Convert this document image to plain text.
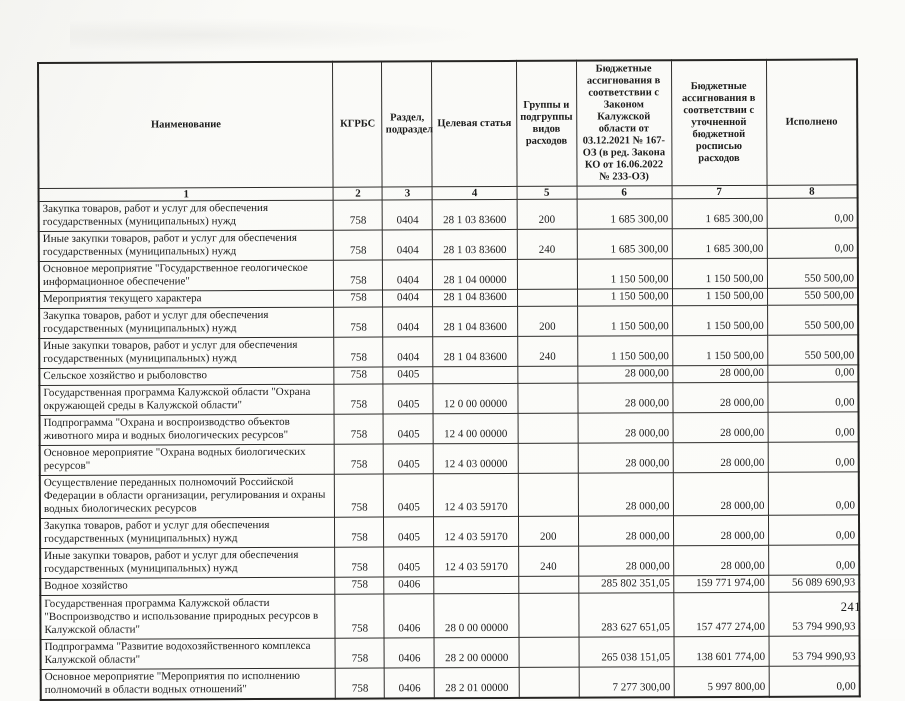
Наименование	КГРБС	Раздел, подраздел	Целевая статья	Группы и подгруппы видов расходов	Бюджетные ассигнования в соответствии с Законом Калужской области от 03.12.2021 № 167-ОЗ (в ред. Закона КО от 16.06.2022 № 233-ОЗ)	Бюджетные ассигнования в соответствии с уточненной бюджетной росписью расходов	Исполнено
1	2	3	4	5	6	7	8
Закупка товаров, работ и услуг для обеспечения государственных (муниципальных) нужд	758	0404	28 1 03 83600	200	1 685 300,00	1 685 300,00	0,00
Иные закупки товаров, работ и услуг для обеспечения государственных (муниципальных) нужд	758	0404	28 1 03 83600	240	1 685 300,00	1 685 300,00	0,00
Основное мероприятие "Государственное геологическое информационное обеспечение"	758	0404	28 1 04 00000		1 150 500,00	1 150 500,00	550 500,00
Мероприятия текущего характера	758	0404	28 1 04 83600		1 150 500,00	1 150 500,00	550 500,00
Закупка товаров, работ и услуг для обеспечения государственных (муниципальных) нужд	758	0404	28 1 04 83600	200	1 150 500,00	1 150 500,00	550 500,00
Иные закупки товаров, работ и услуг для обеспечения государственных (муниципальных) нужд	758	0404	28 1 04 83600	240	1 150 500,00	1 150 500,00	550 500,00
Сельское хозяйство и рыболовство	758	0405			28 000,00	28 000,00	0,00
Государственная программа Калужской области "Охрана окружающей среды в Калужской области"	758	0405	12 0 00 00000		28 000,00	28 000,00	0,00
Подпрограмма "Охрана и воспроизводство объектов животного мира и водных биологических ресурсов"	758	0405	12 4 00 00000		28 000,00	28 000,00	0,00
Основное мероприятие "Охрана водных биологических ресурсов"	758	0405	12 4 03 00000		28 000,00	28 000,00	0,00
Осуществление переданных полномочий Российской Федерации в области организации, регулирования и охраны водных биологических ресурсов	758	0405	12 4 03 59170		28 000,00	28 000,00	0,00
Закупка товаров, работ и услуг для обеспечения государственных (муниципальных) нужд	758	0405	12 4 03 59170	200	28 000,00	28 000,00	0,00
Иные закупки товаров, работ и услуг для обеспечения государственных (муниципальных) нужд	758	0405	12 4 03 59170	240	28 000,00	28 000,00	0,00
Водное хозяйство	758	0406			285 802 351,05	159 771 974,00	56 089 690,93
Государственная программа Калужской области "Воспроизводство и использование природных ресурсов в Калужской области"	758	0406	28 0 00 00000		283 627 651,05	157 477 274,00	53 794 990,93
Подпрограмма "Развитие водохозяйственного комплекса Калужской области"	758	0406	28 2 00 00000		265 038 151,05	138 601 774,00	53 794 990,93
Основное мероприятие "Мероприятия по исполнению полномочий в области водных отношений"	758	0406	28 2 01 00000		7 277 300,00	5 997 800,00	0,00
241
